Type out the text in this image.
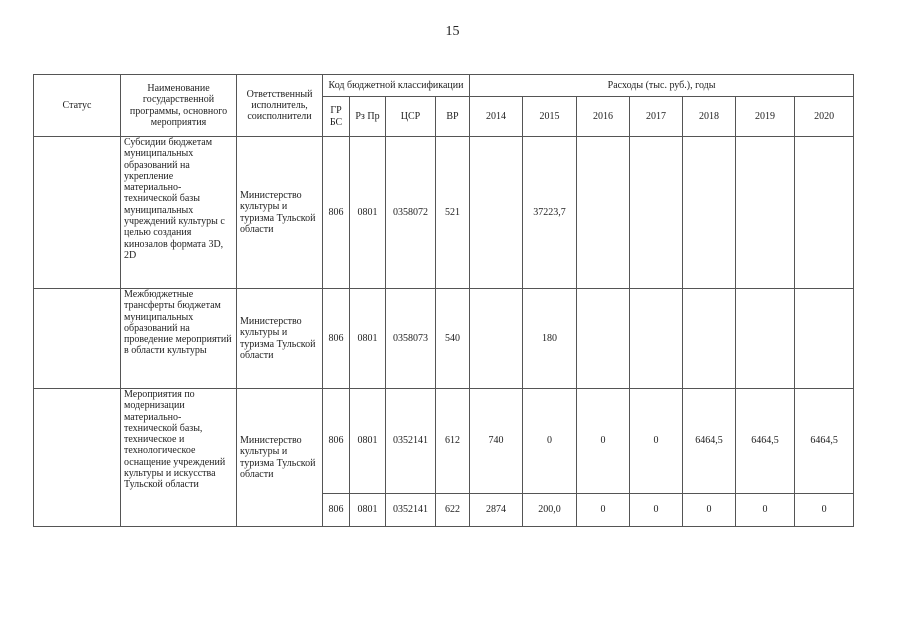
15
Статус	Наименование государственной программы, основного мероприятия	Ответственный исполнитель, соисполнители	Код бюджетной классификации				Расходы (тыс. руб.), годы						
			ГР БС	Рз Пр	ЦСР	ВР	2014	2015	2016	2017	2018	2019	2020
	Субсидии бюджетам муниципальных образований на укрепление материально-технической базы муниципальных учреждений культуры с целью создания кинозалов формата 3D, 2D	Министерство культуры и туризма Тульской области	806	0801	0358072	521		37223,7					
	Межбюджетные трансферты бюджетам муниципальных образований на проведение мероприятий в области культуры	Министерство культуры и туризма Тульской области	806	0801	0358073	540		180					
	Мероприятия по модернизации материально-технической базы, техническое и технологическое оснащение учреждений культуры и искусства Тульской области	Министерство культуры и туризма Тульской области	806	0801	0352141	612	740	0	0	0	6464,5	6464,5	6464,5
			806	0801	0352141	622	2874	200,0	0	0	0	0	0
